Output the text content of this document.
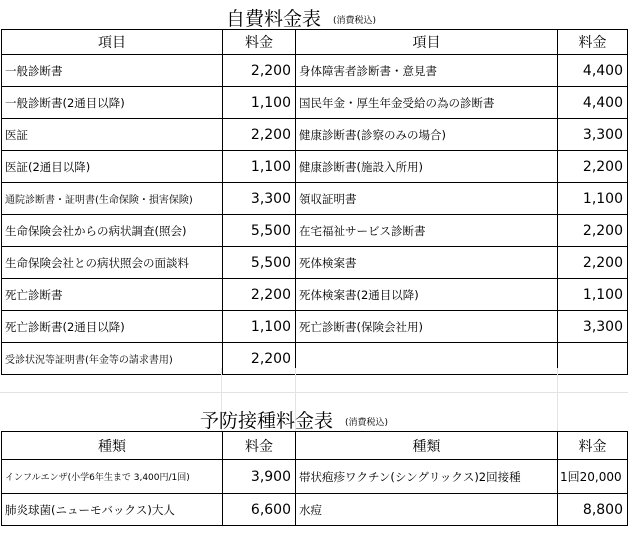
自費料金表 (消費税込)
項目	料金	項目	料金
一般診断書	2,200	身体障害者診断書・意見書	4,400
一般診断書(2通目以降)	1,100	国民年金・厚生年金受給の為の診断書	4,400
医証	2,200	健康診断書(診察のみの場合)	3,300
医証(2通目以降)	1,100	健康診断書(施設入所用)	2,200
通院診断書・証明書(生命保険・損害保険)	3,300	領収証明書	1,100
生命保険会社からの病状調査(照会)	5,500	在宅福祉サービス診断書	2,200
生命保険会社との病状照会の面談料	5,500	死体検案書	2,200
死亡診断書	2,200	死体検案書(2通目以降)	1,100
死亡診断書(2通目以降)	1,100	死亡診断書(保険会社用)	3,300
受診状況等証明書(年金等の請求書用)	2,200		
予防接種料金表 (消費税込)
種類	料金	種類	料金
インフルエンザ(小学6年生まで 3,400円/1回)	3,900	帯状疱疹ワクチン(シングリックス)2回接種	1回20,000
肺炎球菌(ニューモバックス)大人	6,600	水痘	8,800
